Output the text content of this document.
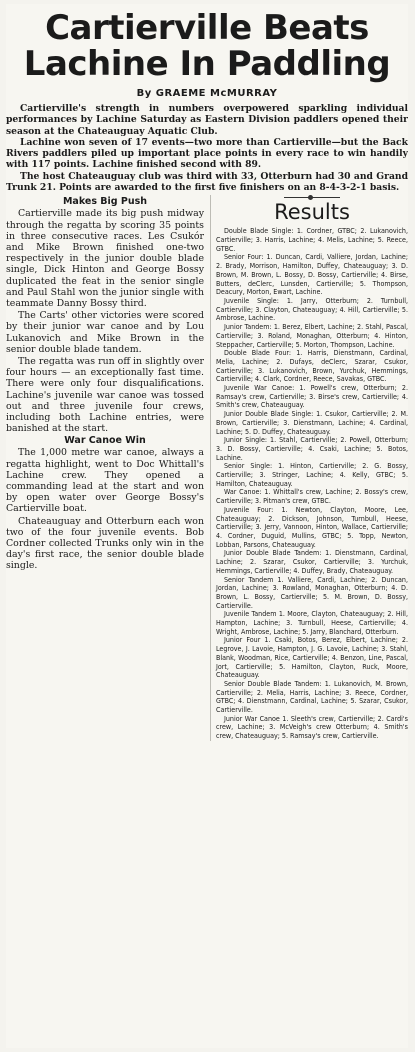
Cartierville Beats
Lachine In Paddling
By GRAEME McMURRAY

Cartierville's strength in numbers overpowered sparkling individual performances by Lachine Saturday as Eastern Division paddlers opened their season at the Chateauguay Aquatic Club.

Lachine won seven of 17 events—two more than Cartierville—but the Back Rivers paddlers piled up important place points in every race to win handily with 117 points. Lachine finished second with 89.

The host Chateauguay club was third with 33, Otterburn had 30 and Grand Trunk 21. Points are awarded to the first five finishers on an 8-4-3-2-1 basis.

Makes Big Push

Cartierville made its big push midway through the regatta by scoring 35 points in three consecutive races. Les Csukór and Mike Brown finished one-two respectively in the junior double blade single, Dick Hinton and George Bossy duplicated the feat in the senior single and Paul Stahl won the junior single with teammate Danny Bossy third.

The Carts' other victories were scored by their junior war canoe and by Lou Lukanovich and Mike Brown in the senior double blade tandem.

The regatta was run off in slightly over four hours — an exceptionally fast time. There were only four disqualifications. Lachine's juvenile war canoe was tossed out and three juvenile four crews, including both Lachine entries, were banished at the start.

War Canoe Win

The 1,000 metre war canoe, always a regatta highlight, went to Doc Whittall's Lachine crew. They opened a commanding lead at the start and won by open water over George Bossy's Cartierville boat.

Chateauguay and Otterburn each won two of the four juvenile events. Bob Cordner collected Trunks only win in the day's first race, the senior double blade single.

Results

Double Blade Single: 1. Cordner, GTBC; 2. Lukanovich, Cartierville; 3. Harris, Lachine; 4. Melis, Lachine; 5. Reece, GTBC.

Senior Four: 1. Duncan, Cardi, Valliere, Jordan, Lachine; 2. Brady, Morrison, Hamilton, Duffey, Chateauguay; 3. D. Brown, M. Brown, L. Bossy, D. Bossy, Cartierville; 4. Birse, Butters, deClerc, Lunsden, Cartierville; 5. Thompson, Deacury, Morton, Ewart, Lachine.

Juvenile Single: 1. Jarry, Otterburn; 2. Turnbull, Cartierville; 3. Clayton, Chateauguay; 4. Hill, Cartierville; 5. Ambrose, Lachine.

Junior Tandem: 1. Berez, Elbert, Lachine; 2. Stahl, Pascal, Cartierville; 3. Roland, Monaghan, Otterburn; 4. Hinton, Steppacher, Cartierville; 5. Morton, Thompson, Lachine.

Double Blade Four: 1. Harris, Dienstmann, Cardinal, Melia, Lachine; 2. Dufays, deClerc, Szarar, Csukor, Cartierville; 3. Lukanovich, Brown, Yurchuk, Hemmings, Cartierville; 4. Clark, Cordner, Reece, Savakas, GTBC.

Juvenile War Canoe: 1. Powell's crew, Otterburn; 2. Ramsay's crew, Cartierville; 3. Birse's crew, Cartierville; 4. Smith's crew, Chateauguay.

Junior Double Blade Single: 1. Csukor, Cartierville; 2. M. Brown, Cartierville; 3. Dienstmann, Lachine; 4. Cardinal, Lachine; 5. D. Duffey, Chateauguay.

Junior Single: 1. Stahl, Cartierville; 2. Powell, Otterburn; 3. D. Bossy, Cartierville; 4. Csaki, Lachine; 5. Botos, Lachine.

Senior Single: 1. Hinton, Cartierville; 2. G. Bossy, Cartierville; 3. Stringer, Lachine; 4. Kelly, GTBC; 5. Hamilton, Chateauguay.

War Canoe: 1. Whittall's crew, Lachine; 2. Bossy's crew, Cartierville; 3. Pitman's crew, GTBC.

Juvenile Four: 1. Newton, Clayton, Moore, Lee, Chateauguay; 2. Dickson, Johnson, Turnbull, Heese, Cartierville; 3. Jerry, Vannoon, Hinton, Wallace, Cartierville; 4. Cordner, Duguid, Mullins, GTBC; 5. Topp, Newton, Lobban, Parsons, Chateauguay.

Junior Double Blade Tandem: 1. Dienstmann, Cardinal, Lachine; 2. Szarar, Csukor, Cartierville; 3. Yurchuk, Hemmings, Cartierville; 4. Duffey, Brady, Chateauguay.

Senior Tandem 1. Valliere, Cardi, Lachine; 2. Duncan, Jordan, Lachine; 3. Rowland, Monaghan, Otterburn; 4. D. Brown, L. Bossy, Cartierville; 5. M. Brown, D. Bossy, Cartierville.

Juvenile Tandem 1. Moore, Clayton, Chateauguay; 2. Hill, Hampton, Lachine; 3. Turnbull, Heese, Cartierville; 4. Wright, Ambrose, Lachine; 5. Jarry, Blanchard, Otterburn.

Junior Four 1. Csaki, Botos, Berez, Elbert, Lachine; 2. Legrove, J. Lavoie, Hampton, J. G. Lavoie, Lachine; 3. Stahl, Blank, Woodman, Rice, Cartierville; 4. Benzon, Line, Pascal, Jort, Cartierville; 5. Hamilton, Clayton, Ruck, Moore, Chateauguay.

Senior Double Blade Tandem: 1. Lukanovich, M. Brown, Cartierville; 2. Melia, Harris, Lachine; 3. Reece, Cordner, GTBC; 4. Dienstmann, Cardinal, Lachine; 5. Szarar, Csukor, Cartierville.

Junior War Canoe 1. Sleeth's crew, Cartierville; 2. Cardi's crew, Lachine; 3. McVeigh's crew Otterburn; 4. Smith's crew, Chateauguay; 5. Ramsay's crew, Cartierville.
